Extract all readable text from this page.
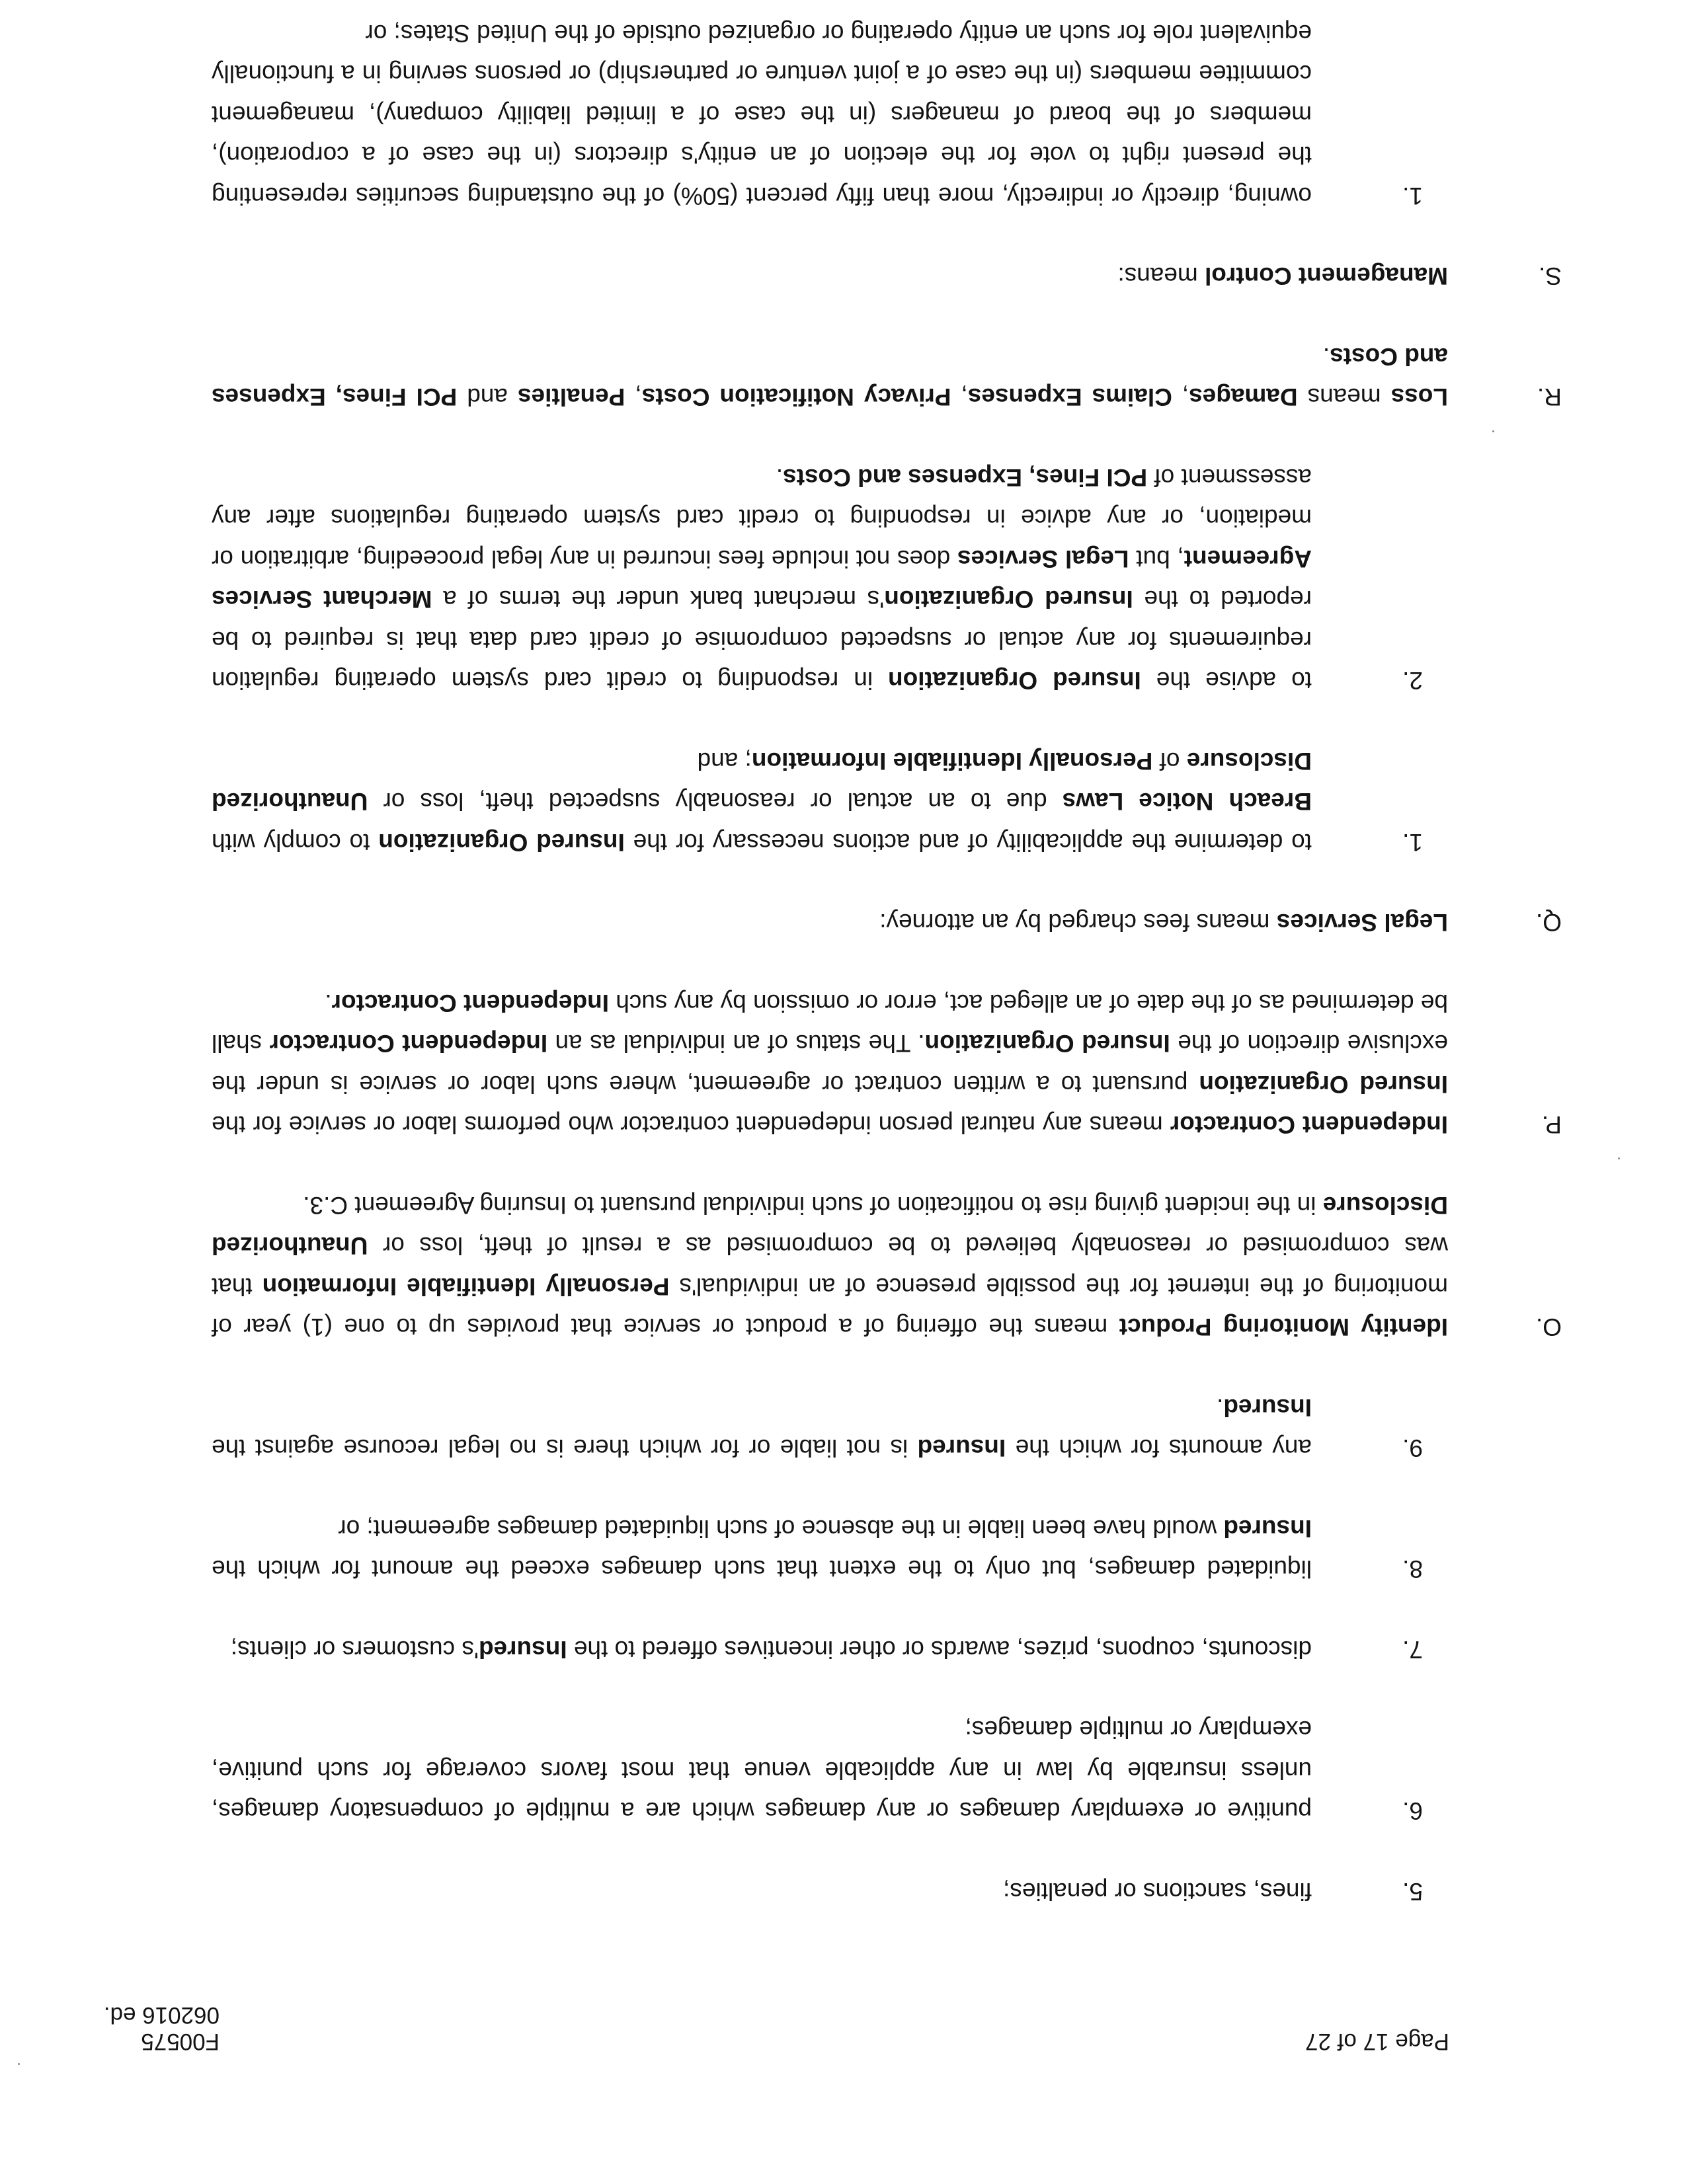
Page 17 of 27
F00575
062016 ed.
5.
fines, sanctions or penalties;
6.
punitive or exemplary damages or any damages which are a multiple of compensatory damages, unless insurable by law in any applicable venue that most favors coverage for such punitive, exemplary or multiple damages;
7.
discounts, coupons, prizes, awards or other incentives offered to the Insured's customers or clients;
8.
liquidated damages, but only to the extent that such damages exceed the amount for which the Insured would have been liable in the absence of such liquidated damages agreement; or
9.
any amounts for which the Insured is not liable or for which there is no legal recourse against the Insured.
O.
Identity Monitoring Product means the offering of a product or service that provides up to one (1) year of monitoring of the internet for the possible presence of an individual's Personally Identifiable Information that was compromised or reasonably believed to be compromised as a result of theft, loss or Unauthorized Disclosure in the incident giving rise to notification of such individual pursuant to Insuring Agreement C.3.
P.
Independent Contractor means any natural person independent contractor who performs labor or service for the Insured Organization pursuant to a written contract or agreement, where such labor or service is under the exclusive direction of the Insured Organization. The status of an individual as an Independent Contractor shall be determined as of the date of an alleged act, error or omission by any such Independent Contractor.
Q.
Legal Services means fees charged by an attorney:
1.
to determine the applicability of and actions necessary for the Insured Organization to comply with Breach Notice Laws due to an actual or reasonably suspected theft, loss or Unauthorized Disclosure of Personally Identifiable Information; and
2.
to advise the Insured Organization in responding to credit card system operating regulation requirements for any actual or suspected compromise of credit card data that is required to be reported to the Insured Organization's merchant bank under the terms of a Merchant Services Agreement, but Legal Services does not include fees incurred in any legal proceeding, arbitration or mediation, or any advice in responding to credit card system operating regulations after any assessment of PCI Fines, Expenses and Costs.
R.
Loss means Damages, Claims Expenses, Privacy Notification Costs, Penalties and PCI Fines, Expenses and Costs.
S.
Management Control means:
1.
owning, directly or indirectly, more than fifty percent (50%) of the outstanding securities representing the present right to vote for the election of an entity's directors (in the case of a corporation), members of the board of managers (in the case of a limited liability company), management committee members (in the case of a joint venture or partnership) or persons serving in a functionally equivalent role for such an entity operating or organized outside of the United States; or
